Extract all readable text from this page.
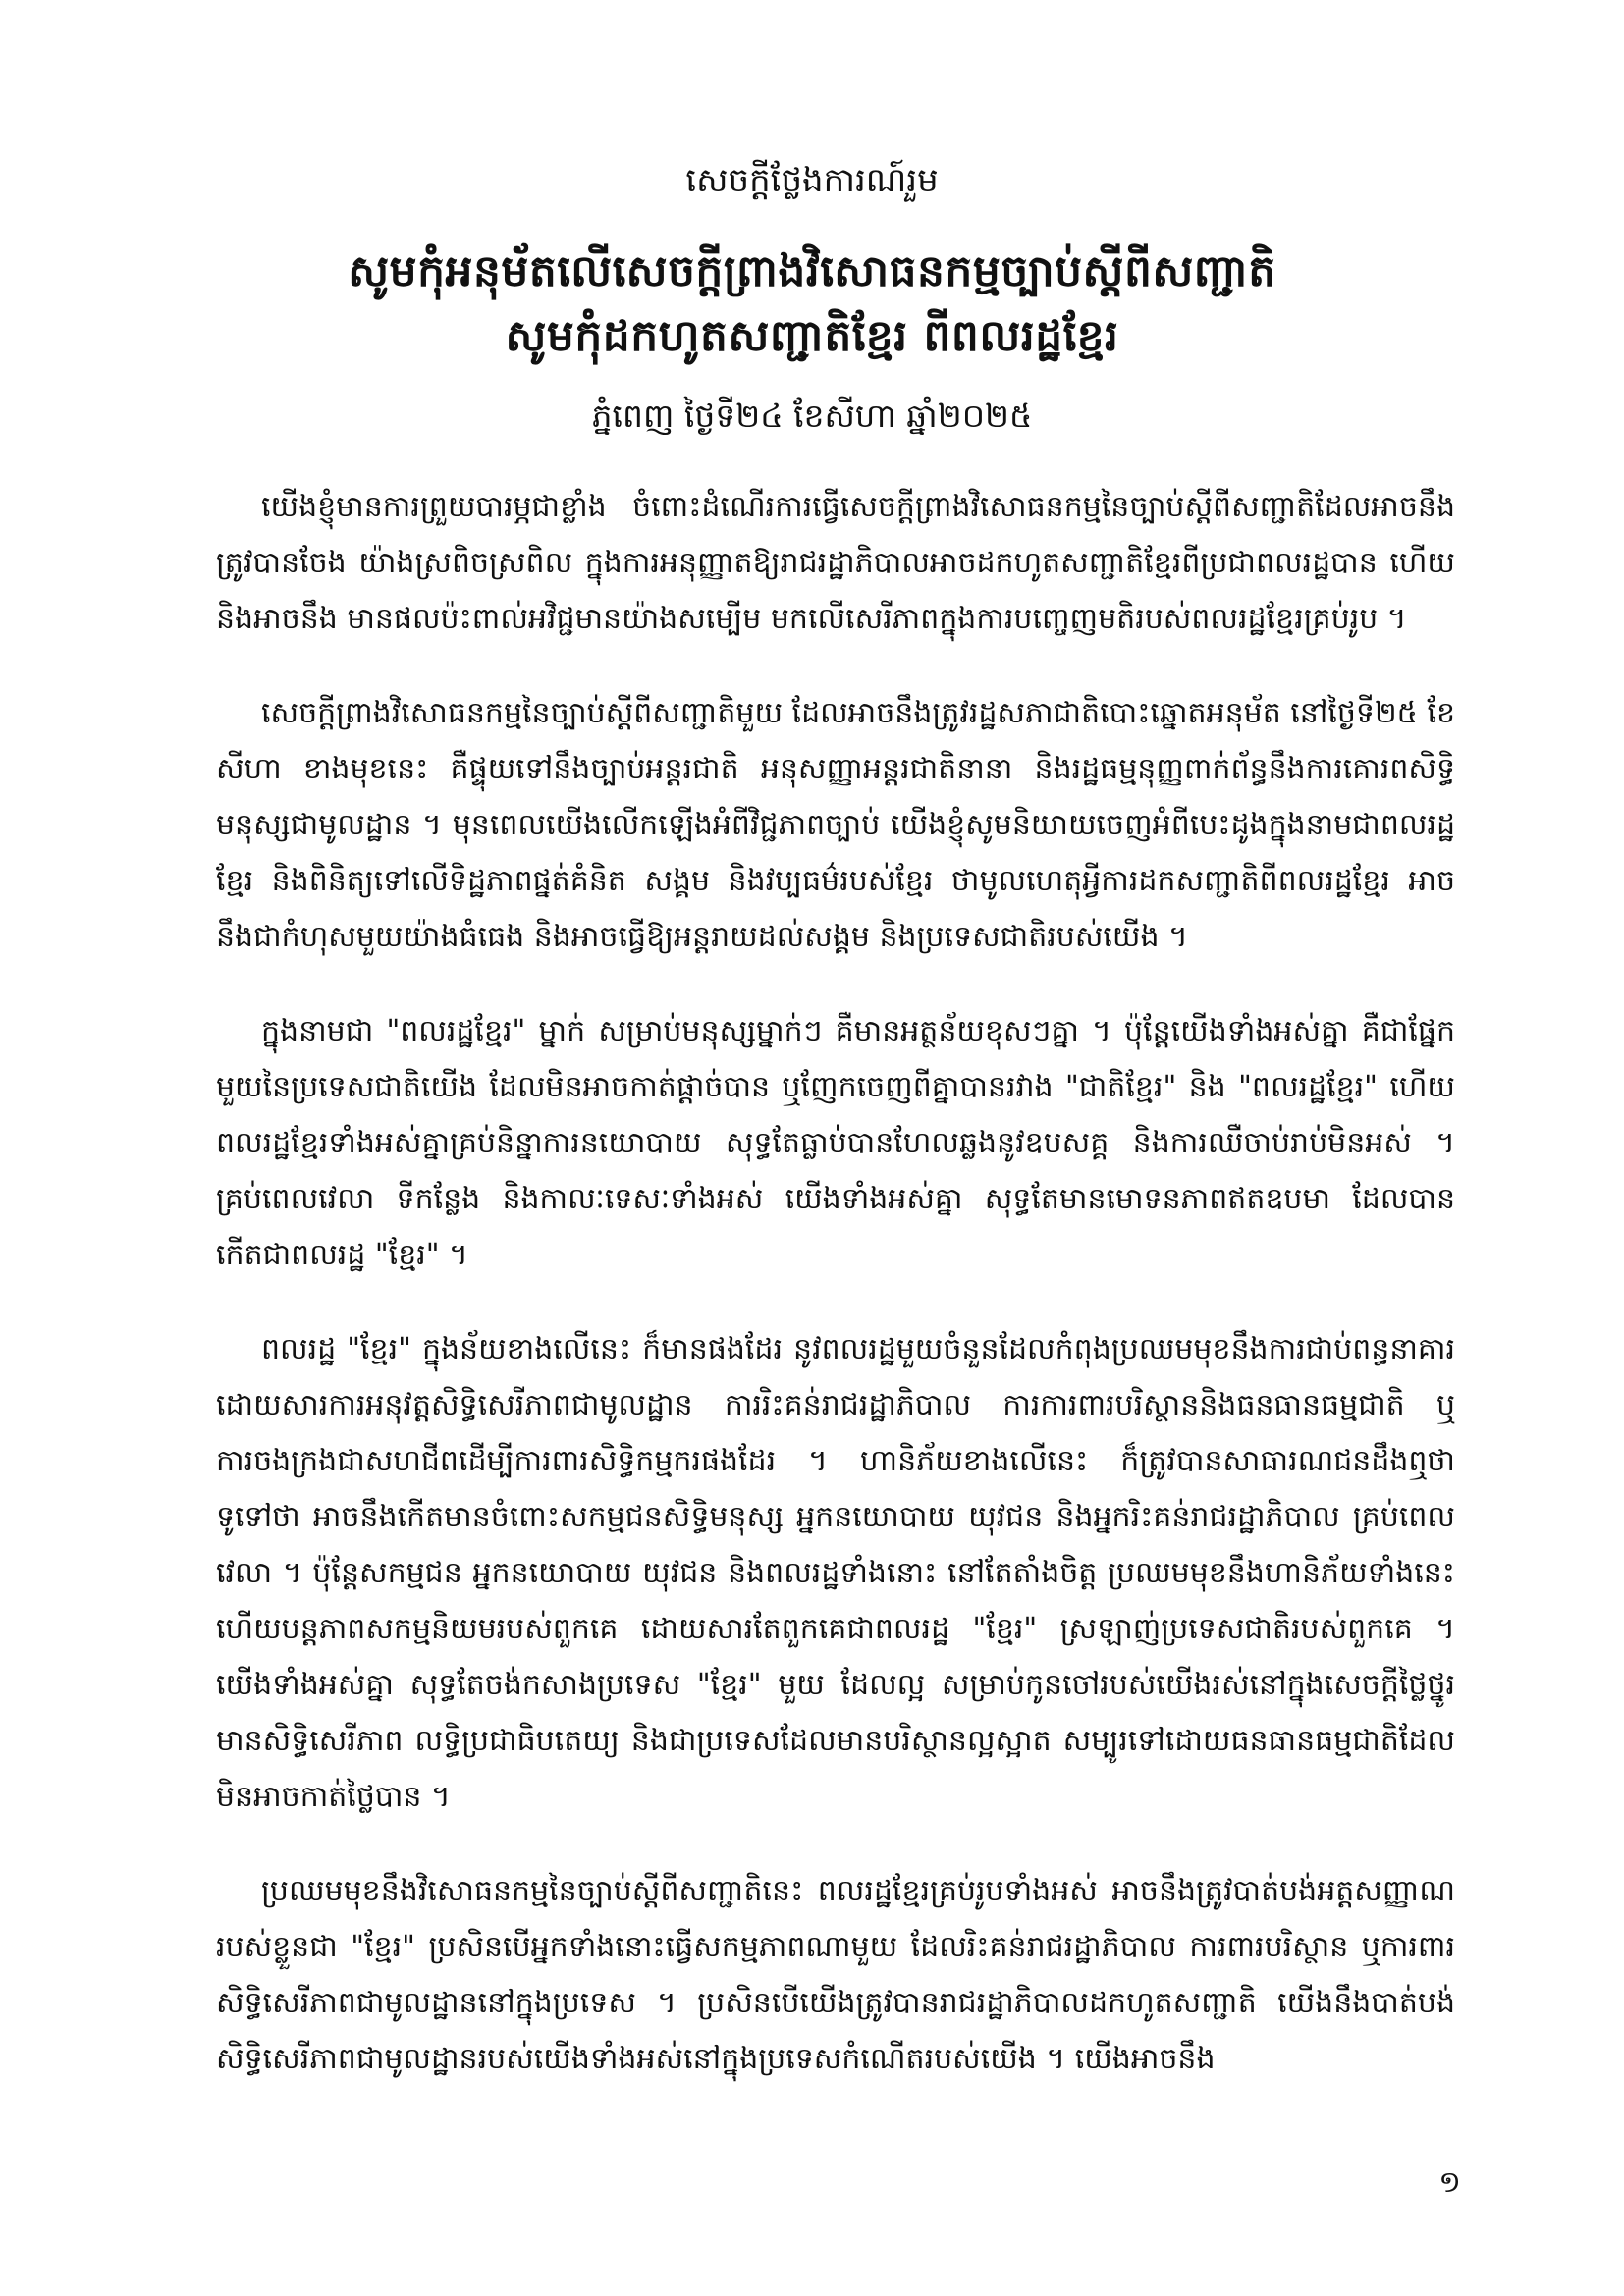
សេចក្តីថ្លែងការណ៍រួម
សូមកុំអនុម័តលើសេចក្តីព្រាងវិសោធនកម្មច្បាប់ស្តីពីសញ្ជាតិ
សូមកុំដកហូតសញ្ជាតិខ្មែរ ពីពលរដ្ឋខ្មែរ
ភ្នំពេញ ថ្ងៃទី២៤ ខែសីហា ឆ្នាំ២០២៥

យើងខ្ញុំមានការព្រួយបារម្ភជាខ្លាំង ចំពោះដំណើរការធ្វើសេចក្តីព្រាងវិសោធនកម្មនៃច្បាប់ស្តីពីសញ្ជាតិដែលអាចនឹងត្រូវបានចែង យ៉ាងស្រពិចស្រពិល ក្នុងការអនុញ្ញាតឱ្យរាជរដ្ឋាភិបាលអាចដកហូតសញ្ជាតិខ្មែរពីប្រជាពលរដ្ឋបាន ហើយនិងអាចនឹង មានផលប៉ះពាល់អវិជ្ជមានយ៉ាងសម្បើម មកលើសេរីភាពក្នុងការបញ្ចេញមតិរបស់ពលរដ្ឋខ្មែរគ្រប់រូប ។

សេចក្តីព្រាងវិសោធនកម្មនៃច្បាប់ស្តីពីសញ្ជាតិមួយ ដែលអាចនឹងត្រូវរដ្ឋសភាជាតិបោះឆ្នោតអនុម័ត នៅថ្ងៃទី២៥ ខែសីហា ខាងមុខនេះ គឺផ្ទុយទៅនឹងច្បាប់អន្តរជាតិ អនុសញ្ញាអន្តរជាតិនានា និងរដ្ឋធម្មនុញ្ញពាក់ព័ន្ធនឹងការគោរពសិទ្ធិមនុស្សជាមូលដ្ឋាន ។ មុនពេលយើងលើកឡើងអំពីវិជ្ជភាពច្បាប់ យើងខ្ញុំសូមនិយាយចេញអំពីបេះដូងក្នុងនាមជាពលរដ្ឋខ្មែរ និងពិនិត្យទៅលើទិដ្ឋភាពផ្នត់គំនិត សង្គម និងវប្បធម៌របស់ខ្មែរ ថាមូលហេតុអ្វីការដកសញ្ជាតិពីពលរដ្ឋខ្មែរ អាចនឹងជាកំហុសមួយយ៉ាងធំធេង និងអាចធ្វើឱ្យអន្តរាយដល់សង្គម និងប្រទេសជាតិរបស់យើង ។

ក្នុងនាមជា "ពលរដ្ឋខ្មែរ" ម្នាក់ សម្រាប់មនុស្សម្នាក់ៗ គឺមានអត្ថន័យខុសៗគ្នា ។ ប៉ុន្តែយើងទាំងអស់គ្នា គឺជាផ្នែក មួយនៃប្រទេសជាតិយើង ដែលមិនអាចកាត់ផ្តាច់បាន ឬញែកចេញពីគ្នាបានរវាង "ជាតិខ្មែរ" និង "ពលរដ្ឋខ្មែរ" ហើយពលរដ្ឋខ្មែរទាំងអស់គ្នាគ្រប់និន្នាការនយោបាយ សុទ្ធតែធ្លាប់បានហែលឆ្លងនូវឧបសគ្គ និងការឈឺចាប់រាប់មិនអស់ ។ គ្រប់ពេលវេលា ទីកន្លែង និងកាលៈទេសៈទាំងអស់ យើងទាំងអស់គ្នា សុទ្ធតែមានមោទនភាពឥតឧបមា ដែលបានកើតជាពលរដ្ឋ "ខ្មែរ" ។

ពលរដ្ឋ "ខ្មែរ" ក្នុងន័យខាងលើនេះ ក៏មានផងដែរ នូវពលរដ្ឋមួយចំនួនដែលកំពុងប្រឈមមុខនឹងការជាប់ពន្ធនាគារ ដោយសារការអនុវត្តសិទ្ធិសេរីភាពជាមូលដ្ឋាន ការរិះគន់រាជរដ្ឋាភិបាល ការការពារបរិស្ថាននិងធនធានធម្មជាតិ ឬការចងក្រងជាសហជីពដើម្បីការពារសិទ្ធិកម្មករផងដែរ ។ ហានិភ័យខាងលើនេះ ក៏ត្រូវបានសាធារណជនដឹងឮថា ទូទៅថា អាចនឹងកើតមានចំពោះសកម្មជនសិទ្ធិមនុស្ស អ្នកនយោបាយ យុវជន និងអ្នករិះគន់រាជរដ្ឋាភិបាល គ្រប់ពេលវេលា ។ ប៉ុន្តែសកម្មជន អ្នកនយោបាយ យុវជន និងពលរដ្ឋទាំងនោះ នៅតែតាំងចិត្ត ប្រឈមមុខនឹងហានិភ័យទាំងនេះ ហើយបន្តភាពសកម្មនិយមរបស់ពួកគេ ដោយសារតែពួកគេជាពលរដ្ឋ "ខ្មែរ" ស្រឡាញ់ប្រទេសជាតិរបស់ពួកគេ ។ យើងទាំងអស់គ្នា សុទ្ធតែចង់កសាងប្រទេស "ខ្មែរ" មួយ ដែលល្អ សម្រាប់កូនចៅរបស់យើងរស់នៅក្នុងសេចក្តីថ្លៃថ្នូរ មានសិទ្ធិសេរីភាព លទ្ធិប្រជាធិបតេយ្យ និងជាប្រទេសដែលមានបរិស្ថានល្អស្អាត សម្បូរទៅដោយធនធានធម្មជាតិដែលមិនអាចកាត់ថ្លៃបាន ។

ប្រឈមមុខនឹងវិសោធនកម្មនៃច្បាប់ស្តីពីសញ្ជាតិនេះ ពលរដ្ឋខ្មែរគ្រប់រូបទាំងអស់ អាចនឹងត្រូវបាត់បង់អត្តសញ្ញាណ របស់ខ្លួនជា "ខ្មែរ" ប្រសិនបើអ្នកទាំងនោះធ្វើសកម្មភាពណាមួយ ដែលរិះគន់រាជរដ្ឋាភិបាល ការពារបរិស្ថាន ឬការពារសិទ្ធិសេរីភាពជាមូលដ្ឋាននៅក្នុងប្រទេស ។ ប្រសិនបើយើងត្រូវបានរាជរដ្ឋាភិបាលដកហូតសញ្ជាតិ យើងនឹងបាត់បង់សិទ្ធិសេរីភាពជាមូលដ្ឋានរបស់យើងទាំងអស់នៅក្នុងប្រទេសកំណើតរបស់យើង ។ យើងអាចនឹង

១
